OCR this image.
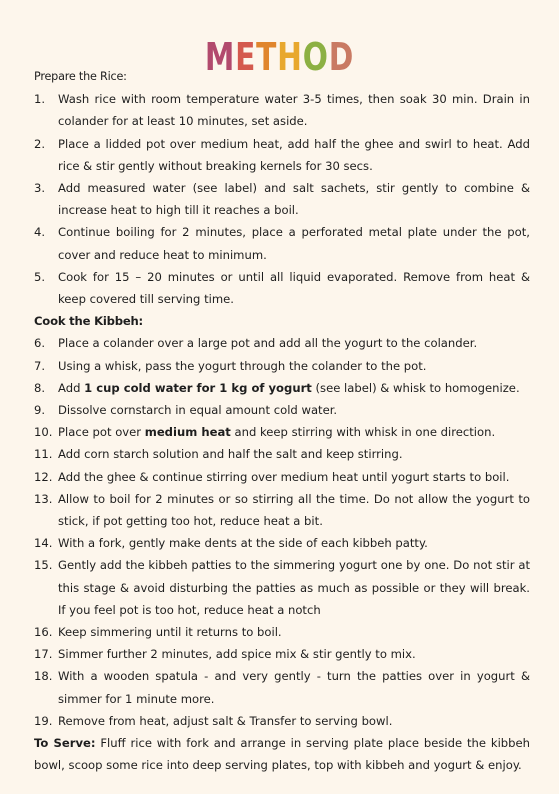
METHOD

Prepare the Rice:

1.	Wash rice with room temperature water 3-5 times, then soak 30 min. Drain in colander for at least 10 minutes, set aside.
2.	Place a lidded pot over medium heat, add half the ghee and swirl to heat. Add rice & stir gently without breaking kernels for 30 secs.
3.	Add measured water (see label) and salt sachets, stir gently to combine & increase heat to high till it reaches a boil.
4.	Continue boiling for 2 minutes, place a perforated metal plate under the pot, cover and reduce heat to minimum.
5.	Cook for 15 – 20 minutes or until all liquid evaporated. Remove from heat & keep covered till serving time.

Cook the Kibbeh:

6.	Place a colander over a large pot and add all the yogurt to the colander.
7.	Using a whisk, pass the yogurt through the colander to the pot.
8.	Add 1 cup cold water for 1 kg of yogurt (see label) & whisk to homogenize.
9.	Dissolve cornstarch in equal amount cold water.
10. Place pot over medium heat and keep stirring with whisk in one direction.
11. Add corn starch solution and half the salt and keep stirring.
12. Add the ghee & continue stirring over medium heat until yogurt starts to boil.
13. Allow to boil for 2 minutes or so stirring all the time. Do not allow the yogurt to stick, if pot getting too hot, reduce heat a bit.
14. With a fork, gently make dents at the side of each kibbeh patty.
15. Gently add the kibbeh patties to the simmering yogurt one by one. Do not stir at this stage & avoid disturbing the patties as much as possible or they will break. If you feel pot is too hot, reduce heat a notch
16. Keep simmering until it returns to boil.
17. Simmer further 2 minutes, add spice mix & stir gently to mix.
18. With a wooden spatula - and very gently - turn the patties over in yogurt & simmer for 1 minute more.
19. Remove from heat, adjust salt & Transfer to serving bowl.

To Serve: Fluff rice with fork and arrange in serving plate place beside the kibbeh bowl, scoop some rice into deep serving plates, top with kibbeh and yogurt & enjoy.
